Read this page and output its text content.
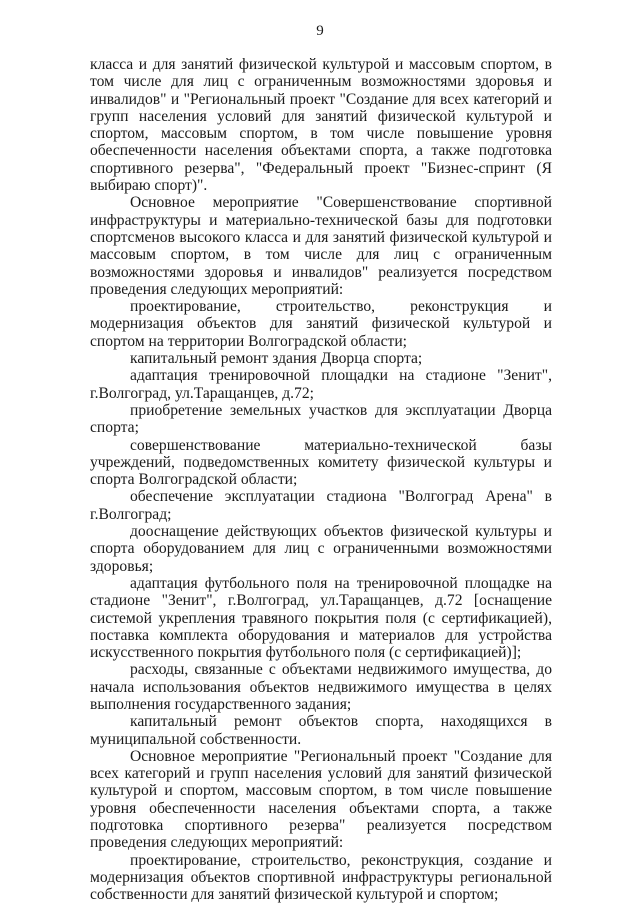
9

класса и для занятий физической культурой и массовым спортом, в том числе для лиц с ограниченным возможностями здоровья и инвалидов" и "Региональный проект "Создание для всех категорий и групп населения условий для занятий физической культурой и спортом, массовым спортом, в том числе повышение уровня обеспеченности населения объектами спорта, а также подготовка спортивного резерва", "Федеральный проект "Бизнес-спринт (Я выбираю спорт)".

Основное мероприятие "Совершенствование спортивной инфраструктуры и материально-технической базы для подготовки спортсменов высокого класса и для занятий физической культурой и массовым спортом, в том числе для лиц с ограниченным возможностями здоровья и инвалидов" реализуется посредством проведения следующих мероприятий:

проектирование, строительство, реконструкция и модернизация объектов для занятий физической культурой и спортом на территории Волгоградской области;

капитальный ремонт здания Дворца спорта;

адаптация тренировочной площадки на стадионе "Зенит", г.Волгоград, ул.Таращанцев, д.72;

приобретение земельных участков для эксплуатации Дворца спорта;

совершенствование материально-технической базы учреждений, подведомственных комитету физической культуры и спорта Волгоградской области;

обеспечение эксплуатации стадиона "Волгоград Арена" в г.Волгоград;

дооснащение действующих объектов физической культуры и спорта оборудованием для лиц с ограниченными возможностями здоровья;

адаптация футбольного поля на тренировочной площадке на стадионе "Зенит", г.Волгоград, ул.Таращанцев, д.72 [оснащение системой укрепления травяного покрытия поля (с сертификацией), поставка комплекта оборудования и материалов для устройства искусственного покрытия футбольного поля (с сертификацией)];

расходы, связанные с объектами недвижимого имущества, до начала использования объектов недвижимого имущества в целях выполнения государственного задания;

капитальный ремонт объектов спорта, находящихся в муниципальной собственности.

Основное мероприятие "Региональный проект "Создание для всех категорий и групп населения условий для занятий физической культурой и спортом, массовым спортом, в том числе повышение уровня обеспеченности населения объектами спорта, а также подготовка спортивного резерва" реализуется посредством проведения следующих мероприятий:

проектирование, строительство, реконструкция, создание и модернизация объектов спортивной инфраструктуры региональной собственности для занятий физической культурой и спортом;
